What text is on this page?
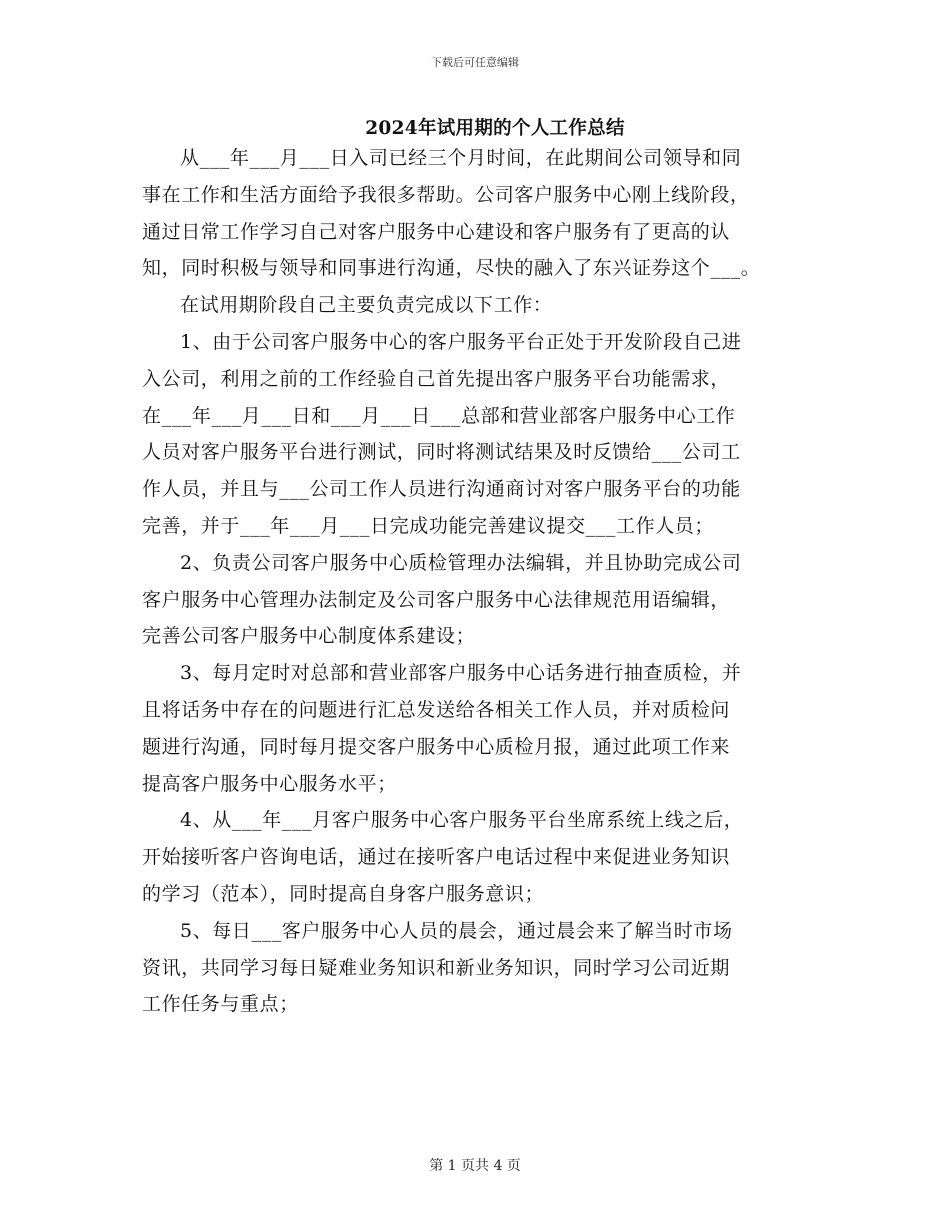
下载后可任意编辑
2024年试用期的个人工作总结

从___年___月___日入司已经三个月时间，在此期间公司领导和同
事在工作和生活方面给予我很多帮助。公司客户服务中心刚上线阶段，
通过日常工作学习自己对客户服务中心建设和客户服务有了更高的认
知，同时积极与领导和同事进行沟通，尽快的融入了东兴证券这个___。

在试用期阶段自己主要负责完成以下工作：

1、由于公司客户服务中心的客户服务平台正处于开发阶段自己进
入公司，利用之前的工作经验自己首先提出客户服务平台功能需求，
在___年___月___日和___月___日___总部和营业部客户服务中心工作
人员对客户服务平台进行测试，同时将测试结果及时反馈给___公司工
作人员，并且与___公司工作人员进行沟通商讨对客户服务平台的功能
完善，并于___年___月___日完成功能完善建议提交___工作人员；

2、负责公司客户服务中心质检管理办法编辑，并且协助完成公司
客户服务中心管理办法制定及公司客户服务中心法律规范用语编辑，
完善公司客户服务中心制度体系建设；

3、每月定时对总部和营业部客户服务中心话务进行抽查质检，并
且将话务中存在的问题进行汇总发送给各相关工作人员，并对质检问
题进行沟通，同时每月提交客户服务中心质检月报，通过此项工作来
提高客户服务中心服务水平；

4、从___年___月客户服务中心客户服务平台坐席系统上线之后，
开始接听客户咨询电话，通过在接听客户电话过程中来促进业务知识
的学习（范本），同时提高自身客户服务意识；

5、每日___客户服务中心人员的晨会，通过晨会来了解当时市场
资讯，共同学习每日疑难业务知识和新业务知识，同时学习公司近期
工作任务与重点；

第 1 页共 4 页
